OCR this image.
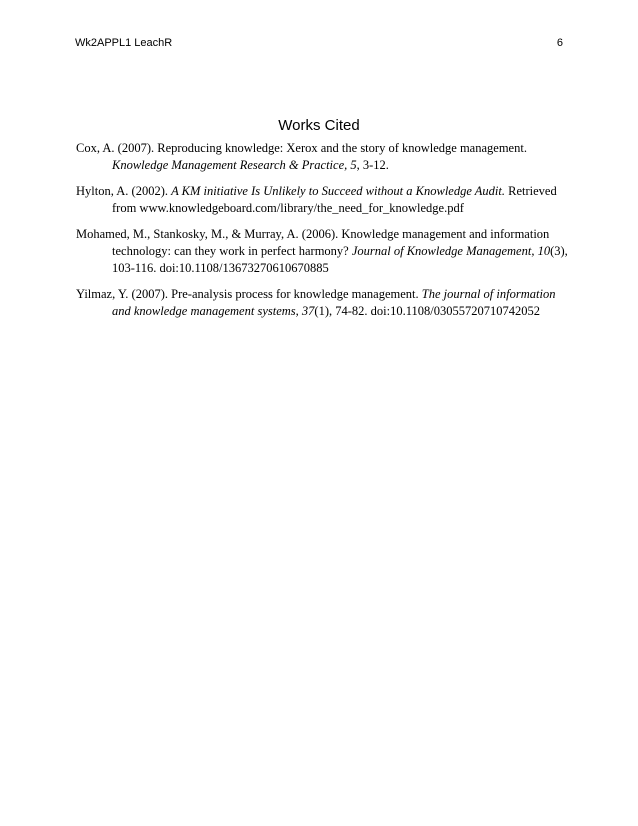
Wk2APPL1 LeachR	6
Works Cited

Cox, A. (2007). Reproducing knowledge: Xerox and the story of knowledge management. Knowledge Management Research & Practice, 5, 3-12.

Hylton, A. (2002). A KM initiative Is Unlikely to Succeed without a Knowledge Audit. Retrieved from www.knowledgeboard.com/library/the_need_for_knowledge.pdf

Mohamed, M., Stankosky, M., & Murray, A. (2006). Knowledge management and information technology: can they work in perfect harmony? Journal of Knowledge Management, 10(3), 103-116. doi:10.1108/13673270610670885

Yilmaz, Y. (2007). Pre-analysis process for knowledge management. The journal of information and knowledge management systems, 37(1), 74-82. doi:10.1108/03055720710742052
